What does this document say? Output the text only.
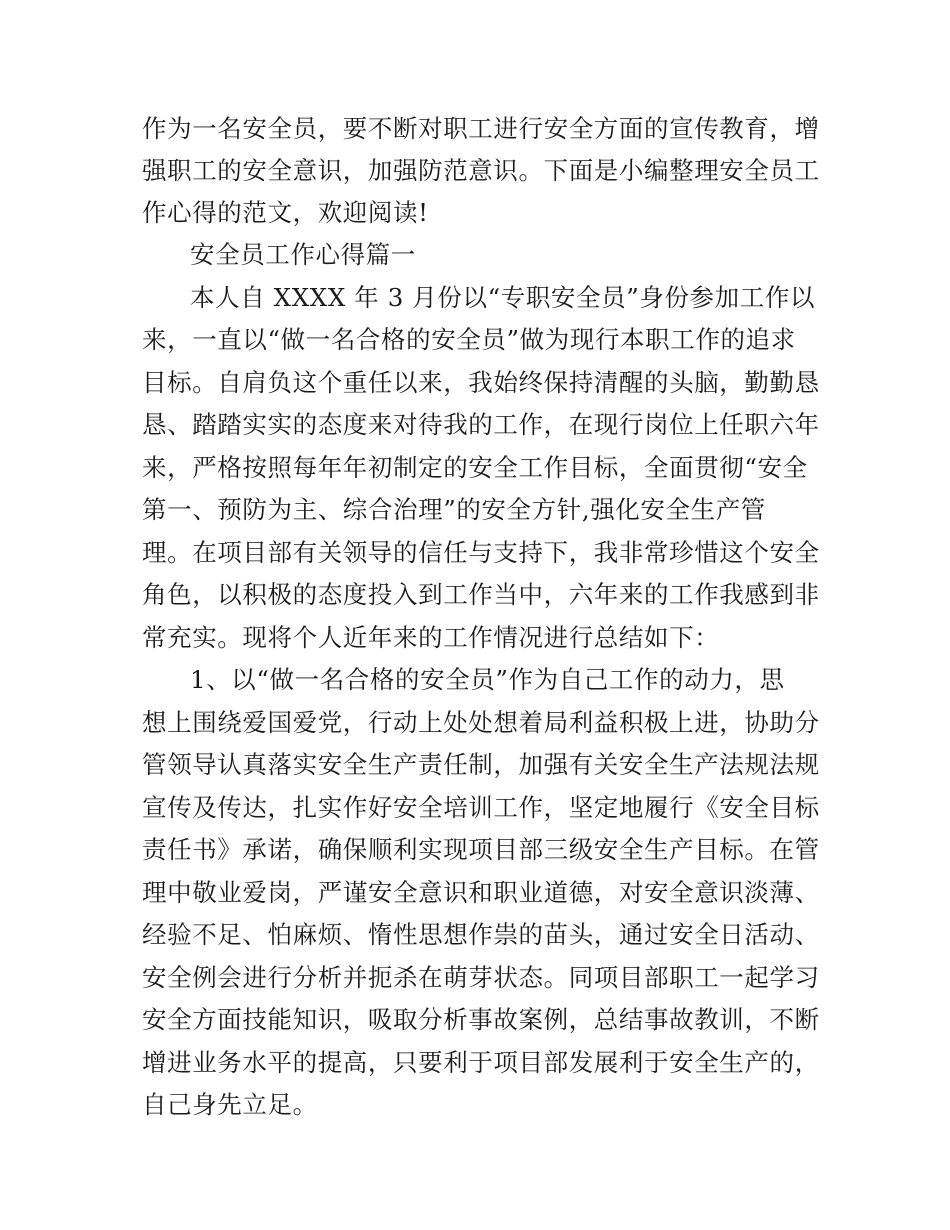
作为一名安全员，要不断对职工进行安全方面的宣传教育，增
强职工的安全意识，加强防范意识。下面是小编整理安全员工
作心得的范文，欢迎阅读!
安全员工作心得篇一
本人自 XXXX 年 3 月份以“专职安全员”身份参加工作以
来，一直以“做一名合格的安全员”做为现行本职工作的追求
目标。自肩负这个重任以来，我始终保持清醒的头脑，勤勤恳
恳、踏踏实实的态度来对待我的工作，在现行岗位上任职六年
来，严格按照每年年初制定的安全工作目标，全面贯彻“安全
第一、预防为主、综合治理”的安全方针,强化安全生产管
理。在项目部有关领导的信任与支持下，我非常珍惜这个安全
角色，以积极的态度投入到工作当中，六年来的工作我感到非
常充实。现将个人近年来的工作情况进行总结如下：
1、以“做一名合格的安全员”作为自己工作的动力，思
想上围绕爱国爱党，行动上处处想着局利益积极上进，协助分
管领导认真落实安全生产责任制，加强有关安全生产法规法规
宣传及传达，扎实作好安全培训工作，坚定地履行《安全目标
责任书》承诺，确保顺利实现项目部三级安全生产目标。在管
理中敬业爱岗，严谨安全意识和职业道德，对安全意识淡薄、
经验不足、怕麻烦、惰性思想作祟的苗头，通过安全日活动、
安全例会进行分析并扼杀在萌芽状态。同项目部职工一起学习
安全方面技能知识，吸取分析事故案例，总结事故教训，不断
增进业务水平的提高，只要利于项目部发展利于安全生产的，
自己身先立足。
